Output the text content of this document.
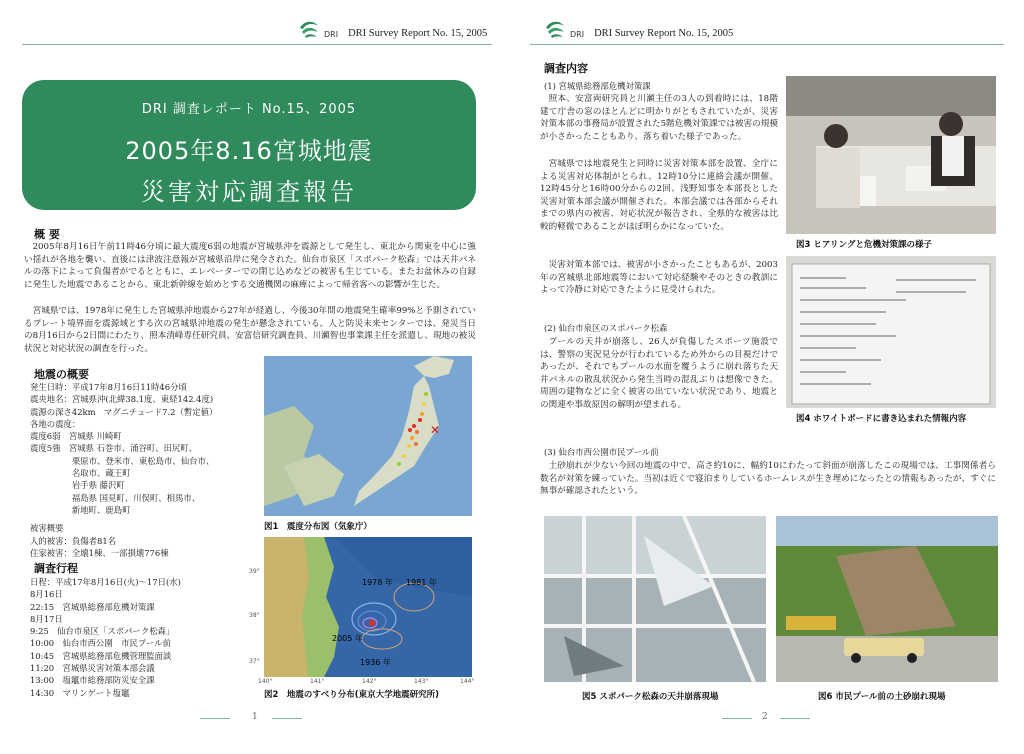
DRI DRI Survey Report No. 15, 2005
DRI 調査レポート No.15、2005
2005年8.16宮城地震
災害対応調査報告
概 要
2005年8月16日午前11時46分頃に最大震度6弱の地震が宮城県沖を震源として発生し、東北から関東を中心に強い揺れが各地を襲い、直後には津波注意報が宮城県沿岸に発令された。仙台市泉区「スポパーク松森」では天井パネルの落下によって負傷者がでるとともに、エレベーターでの閉じ込めなどの被害も生じている。またお盆休みの自録に発生した地震であることから、東北新幹線を始めとする交通機関の麻痺によって帰省客への影響が生じた。
宮城県では、1978年に発生した宮城県沖地震から27年が経過し、今後30年間の地震発生確率99%と予測されているプレート境界面を震源域とする次の宮城県沖地震の発生が懸念されている。人と防災未来センターでは、発災当日の8月16日から2日間にわたり、照本清峰専任研究員、安富信研究調査員、川瀬智也事業課主任を派遣し、現地の被災状況と対応状況の調査を行った。
地震の概要
発生日時：平成17年8月16日11時46分頃
震央地名：宮城県沖(北緯38.1度、東経142.4度)
震源の深さ42km　マグニチュード7.2（暫定値）
各地の震度：
震度6弱　宮城県 川崎町
震度5強　宮城県 石巻市、涌谷町、田尻町、
　　　　　栗原市、登米市、東松島市、仙台市、
　　　　　名取市、蔵王町
　　　　　岩手県 藤沢町
　　　　　福島県 国見町、川俣町、相馬市、
　　　　　新地町、鹿島町
被害概要
人的被害：負傷者81名
住家被害：全壊1棟、一部損壊776棟
調査行程
日程：平成17年8月16日(火)～17日(水)
8月16日
22:15　宮城県総務部危機対策課
8月17日
9:25　仙台市泉区「スポパーク松森」
10:00　仙台市西公園　市民プール前
10:45　宮城県総務部危機管理監面談
11:20　宮城県災害対策本部会議
13:00　塩竈市総務部防災安全課
14:30　マリンゲート塩竈
✕
図1　震度分布図（気象庁）
1978 年 1981 年
2005 年
1936 年
140°	141°	142°	143°	144°
39°
38°
37°
図2　地震のすべり分布(東京大学地震研究所)
1
DRI DRI Survey Report No. 15, 2005
調査内容
(1) 宮城県総務部危機対策課
照本、安富両研究員と川瀬主任の3人の到着時には、18階建て庁舎の窓のほとんどに明かりがともされていたが、災害対策本部の事務局が設置された5階危機対策課では被害の規模が小さかったこともあり、落ち着いた様子であった。
宮城県では地震発生と同時に災害対策本部を設置、全庁による災害対応体制がとられ、12時10分に連絡会議が開催、12時45分と16時00分からの2回、浅野知事を本部長とした災害対策本部会議が開催された。本部会議では各部からそれまでの県内の被害、対応状況が報告され、全県的な被害は比較的軽微であることがほぼ明らかになっていた。
災害対策本部では、被害が小さかったこともあるが、2003年の宮城県北部地震等において対応経験やそのときの教訓によって冷静に対応できたように見受けられた。
(2) 仙台市泉区のスポパーク松森
プールの天井が崩落し、26人が負傷したスポーツ施設では、警察の実況見分が行われているため外からの目視だけであったが、それでもプールの水面を覆うように崩れ落ちた天井パネルの散乱状況から発生当時の混乱ぶりは想像できた。周囲の建物などに全く被害の出ていない状況であり、地震との関連や事故原因の解明が望まれる。
(3) 仙台市西公園市民プール前
土砂崩れが少ない今回の地震の中で、高さ約10に、幅約10にわたって斜面が崩落したこの現場では、工事関係者ら数名が対策を練っていた。当初は近くで寝泊まりしているホームレスが生き埋めになったとの情報もあったが、すぐに無事が確認されたという。
図3 ヒアリングと危機対策課の様子
図4 ホワイトボードに書き込まれた情報内容
図5 スポパーク松森の天井崩落現場	図6 市民プール前の土砂崩れ現場
2
